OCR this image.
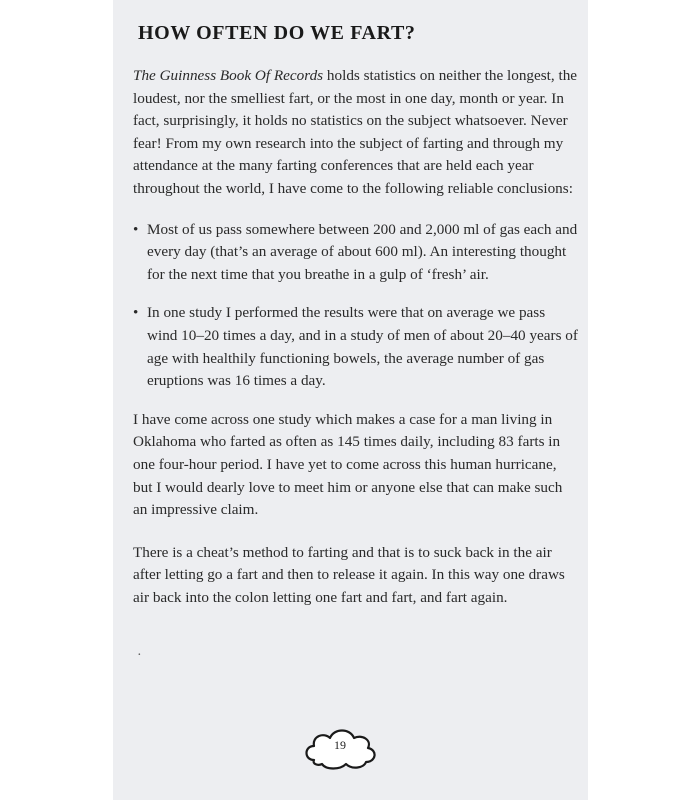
HOW OFTEN DO WE FART?

The Guinness Book Of Records holds statistics on neither the longest, the loudest, nor the smelliest fart, or the most in one day, month or year. In fact, surprisingly, it holds no statistics on the subject whatsoever. Never fear! From my own research into the subject of farting and through my attendance at the many farting conferences that are held each year throughout the world, I have come to the following reliable conclusions:

• Most of us pass somewhere between 200 and 2,000 ml of gas each and every day (that’s an average of about 600 ml). An interesting thought for the next time that you breathe in a gulp of ‘fresh’ air.

• In one study I performed the results were that on average we pass wind 10–20 times a day, and in a study of men of about 20–40 years of age with healthily functioning bowels, the average number of gas eruptions was 16 times a day.

I have come across one study which makes a case for a man living in Oklahoma who farted as often as 145 times daily, including 83 farts in one four-hour period. I have yet to come across this human hurricane, but I would dearly love to meet him or anyone else that can make such an impressive claim.

There is a cheat’s method to farting and that is to suck back in the air after letting go a fart and then to release it again. In this way one draws air back into the colon letting one fart and fart, and fart again.

·
19
